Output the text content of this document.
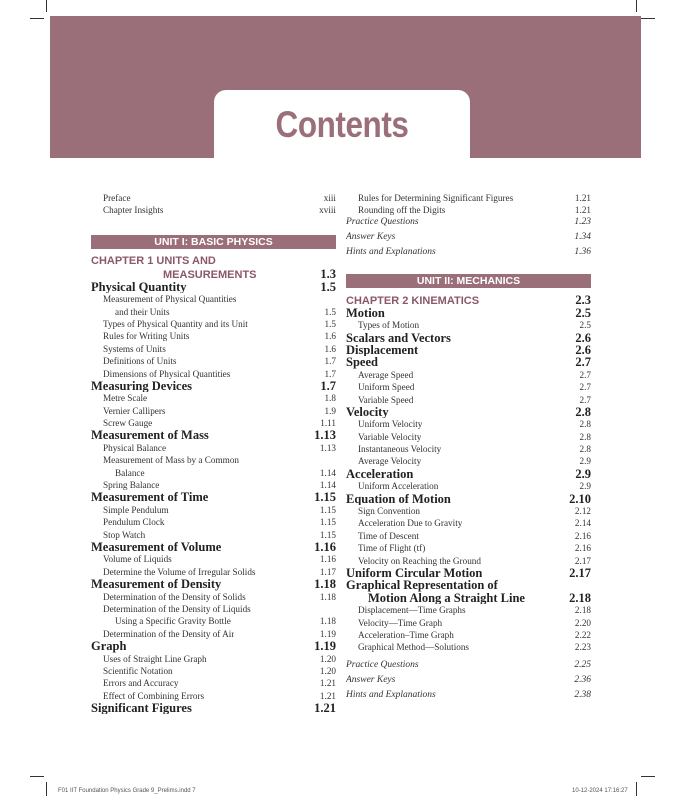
Contents
Preface	xiii
Chapter Insights	xviii
UNIT I: BASIC PHYSICS
CHAPTER 1 UNITS AND
MEASUREMENTS	1.3
Physical Quantity	1.5
Measurement of Physical Quantities
and their Units	1.5
Types of Physical Quantity and its Unit	1.5
Rules for Writing Units	1.6
Systems of Units	1.6
Definitions of Units	1.7
Dimensions of Physical Quantities	1.7
Measuring Devices	1.7
Metre Scale	1.8
Vernier Callipers	1.9
Screw Gauge	1.11
Measurement of Mass	1.13
Physical Balance	1.13
Measurement of Mass by a Common
Balance	1.14
Spring Balance	1.14
Measurement of Time	1.15
Simple Pendulum	1.15
Pendulum Clock	1.15
Stop Watch	1.15
Measurement of Volume	1.16
Volume of Liquids	1.16
Determine the Volume of Irregular Solids	1.17
Measurement of Density	1.18
Determination of the Density of Solids	1.18
Determination of the Density of Liquids
Using a Specific Gravity Bottle	1.18
Determination of the Density of Air	1.19
Graph	1.19
Uses of Straight Line Graph	1.20
Scientific Notation	1.20
Errors and Accuracy	1.21
Effect of Combining Errors	1.21
Significant Figures	1.21
Rules for Determining Significant Figures	1.21
Rounding off the Digits	1.21
Practice Questions	1.23
Answer Keys	1.34
Hints and Explanations	1.36
UNIT II: MECHANICS
CHAPTER 2 KINEMATICS	2.3
Motion	2.5
Types of Motion	2.5
Scalars and Vectors	2.6
Displacement	2.6
Speed	2.7
Average Speed	2.7
Uniform Speed	2.7
Variable Speed	2.7
Velocity	2.8
Uniform Velocity	2.8
Variable Velocity	2.8
Instantaneous Velocity	2.8
Average Velocity	2.9
Acceleration	2.9
Uniform Acceleration	2.9
Equation of Motion	2.10
Sign Convention	2.12
Acceleration Due to Gravity	2.14
Time of Descent	2.16
Time of Flight (tf)	2.16
Velocity on Reaching the Ground	2.17
Uniform Circular Motion	2.17
Graphical Representation of
Motion Along a Straight Line	2.18
Displacement—Time Graphs	2.18
Velocity—Time Graph	2.20
Acceleration–Time Graph	2.22
Graphical Method—Solutions	2.23
Practice Questions	2.25
Answer Keys	2.36
Hints and Explanations	2.38
F01 IIT Foundation Physics Grade 9_Prelims.indd 7	10-12-2024 17:16:27
